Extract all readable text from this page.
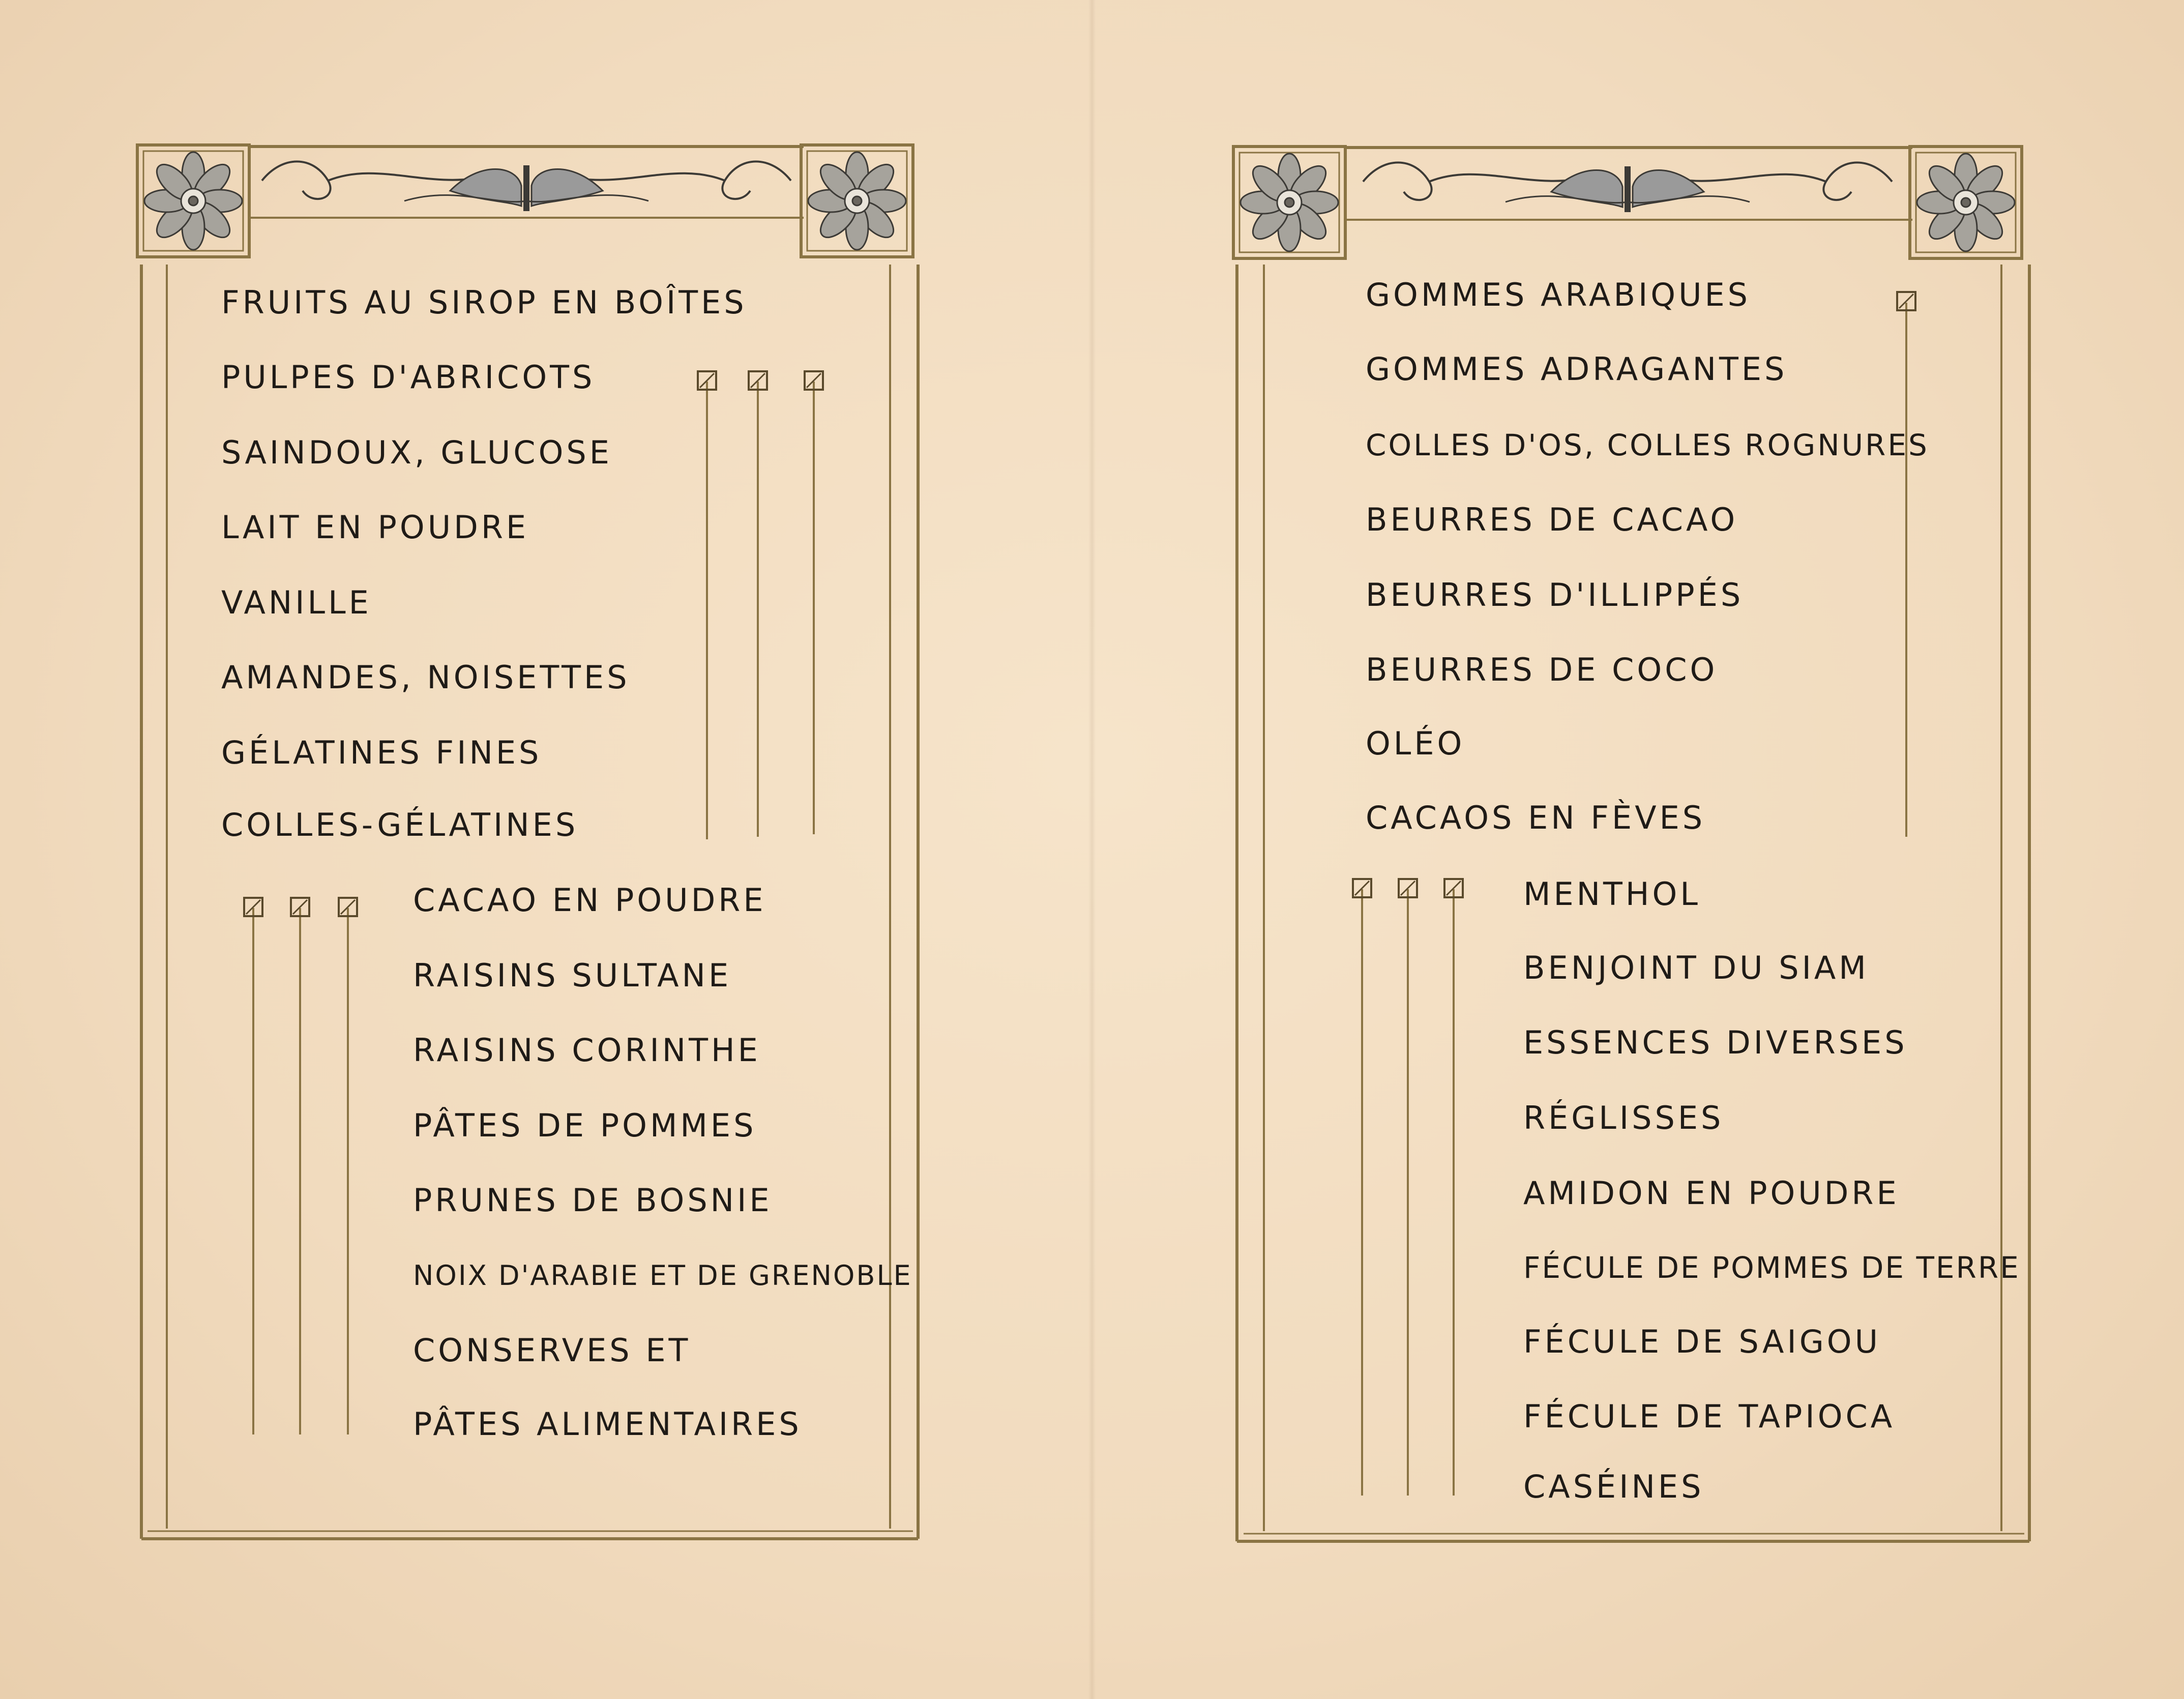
FRUITS AU SIROP EN BOÎTES
PULPES D'ABRICOTS
SAINDOUX, GLUCOSE
LAIT EN POUDRE
VANILLE
AMANDES, NOISETTES
GÉLATINES FINES
COLLES-GÉLATINES
CACAO EN POUDRE
RAISINS SULTANE
RAISINS CORINTHE
PÂTES DE POMMES
PRUNES DE BOSNIE
NOIX D'ARABIE ET DE GRENOBLE
CONSERVES ET
PÂTES ALIMENTAIRES
GOMMES ARABIQUES
GOMMES ADRAGANTES
COLLES D'OS, COLLES ROGNURES
BEURRES DE CACAO
BEURRES D'ILLIPPÉS
BEURRES DE COCO
OLÉO
CACAOS EN FÈVES
MENTHOL
BENJOINT DU SIAM
ESSENCES DIVERSES
RÉGLISSES
AMIDON EN POUDRE
FÉCULE DE POMMES DE TERRE
FÉCULE DE SAIGOU
FÉCULE DE TAPIOCA
CASÉINES
